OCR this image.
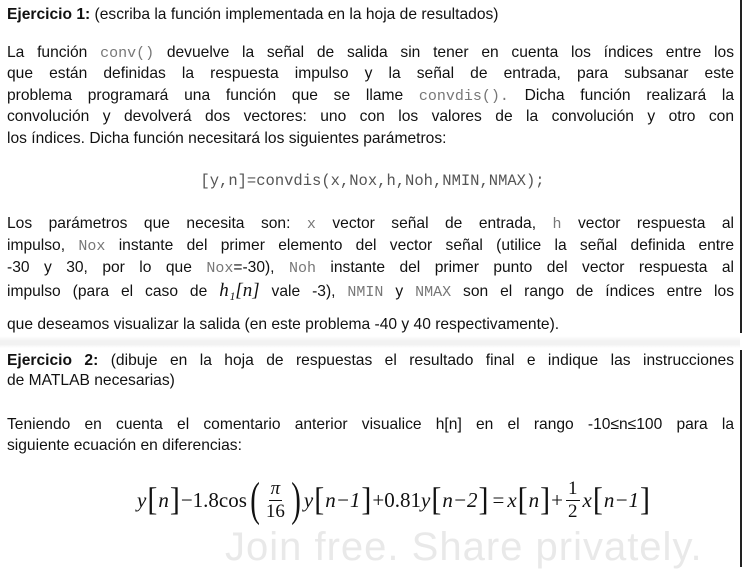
Join free. Share privately.
Ejercicio 1: (escriba la función implementada en la hoja de resultados)
La función conv() devuelve la señal de salida sin tener en cuenta los índices entre los
que están definidas la respuesta impulso y la señal de entrada, para subsanar este
problema programará una función que se llame convdis(). Dicha función realizará la
convolución y devolverá dos vectores: uno con los valores de la convolución y otro con
los índices. Dicha función necesitará los siguientes parámetros:
[y,n]=convdis(x,Nox,h,Noh,NMIN,NMAX);
Los parámetros que necesita son: x vector señal de entrada, h vector respuesta al
impulso, Nox instante del primer elemento del vector señal (utilice la señal definida entre
-30 y 30, por lo que Nox=-30), Noh instante del primer punto del vector respuesta al
impulso (para el caso de h₁[n] vale -3), NMIN y NMAX son el rango de índices entre los
que deseamos visualizar la salida (en este problema -40 y 40 respectivamente).
Ejercicio 2: (dibuje en la hoja de respuestas el resultado final e indique las instrucciones
de MATLAB necesarias)
Teniendo en cuenta el comentario anterior visualice h[n] en el rango -10≤n≤100 para la
siguiente ecuación en diferencias:
y [ n ] −1.8cos ( $\frac{\pi}{16}$ ) y [ n−1 ] +0.81 y [ n−2 ] = x [ n ] + $\frac{1}{2}$ x [ n−1 ]
